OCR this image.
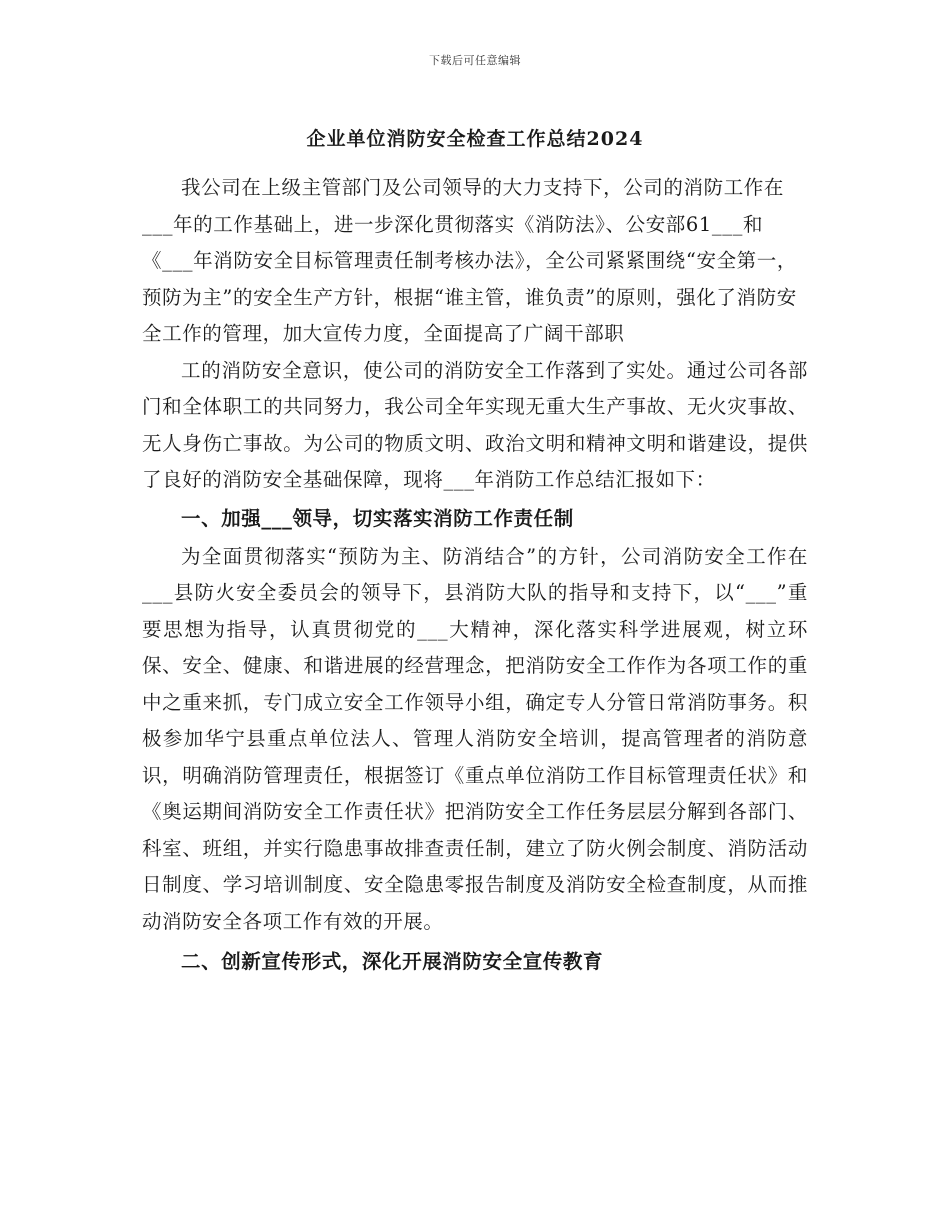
下载后可任意编辑
企业单位消防安全检查工作总结2024

我公司在上级主管部门及公司领导的大力支持下，公司的消防工作在___年的工作基础上，进一步深化贯彻落实《消防法》、公安部61___和《___年消防安全目标管理责任制考核办法》，全公司紧紧围绕“安全第一，预防为主”的安全生产方针，根据“谁主管，谁负责”的原则，强化了消防安全工作的管理，加大宣传力度，全面提高了广阔干部职

工的消防安全意识，使公司的消防安全工作落到了实处。通过公司各部门和全体职工的共同努力，我公司全年实现无重大生产事故、无火灾事故、无人身伤亡事故。为公司的物质文明、政治文明和精神文明和谐建设，提供了良好的消防安全基础保障，现将___年消防工作总结汇报如下：

一、加强___领导，切实落实消防工作责任制

为全面贯彻落实“预防为主、防消结合”的方针，公司消防安全工作在___县防火安全委员会的领导下，县消防大队的指导和支持下，以“___”重要思想为指导，认真贯彻党的___大精神，深化落实科学进展观，树立环保、安全、健康、和谐进展的经营理念，把消防安全工作作为各项工作的重中之重来抓，专门成立安全工作领导小组，确定专人分管日常消防事务。积极参加华宁县重点单位法人、管理人消防安全培训，提高管理者的消防意识，明确消防管理责任，根据签订《重点单位消防工作目标管理责任状》和《奥运期间消防安全工作责任状》把消防安全工作任务层层分解到各部门、科室、班组，并实行隐患事故排查责任制，建立了防火例会制度、消防活动日制度、学习培训制度、安全隐患零报告制度及消防安全检查制度，从而推动消防安全各项工作有效的开展。

二、创新宣传形式，深化开展消防安全宣传教育
